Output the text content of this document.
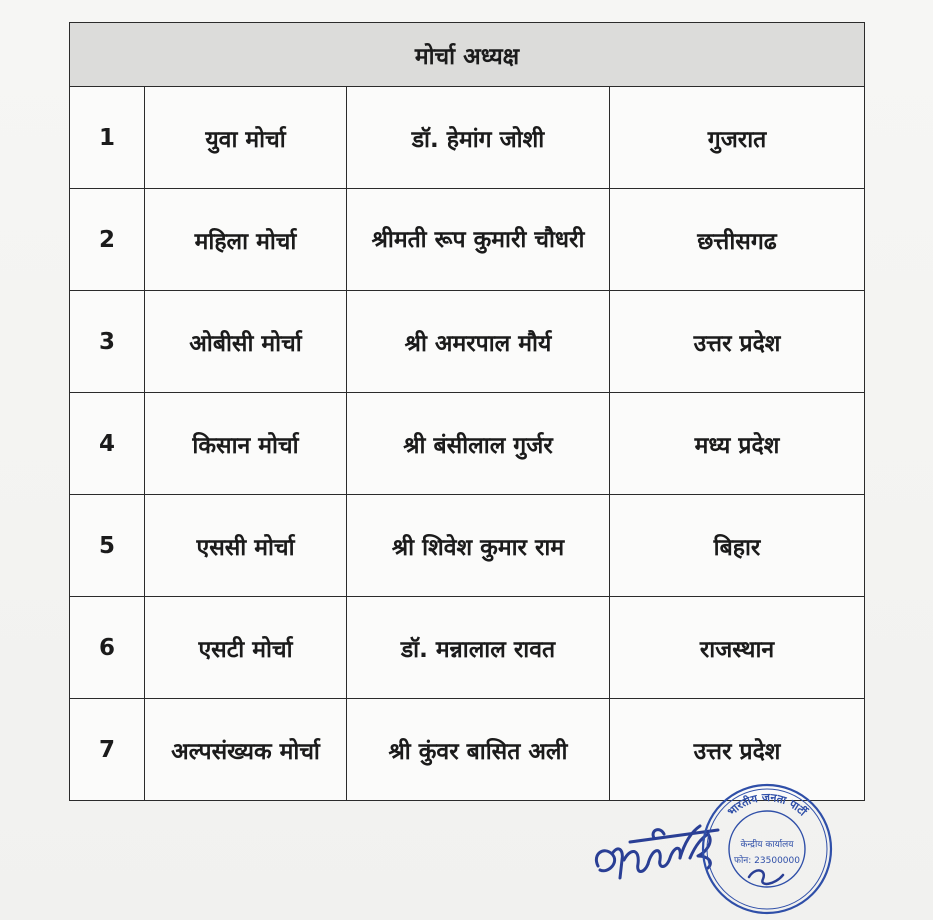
मोर्चा अध्यक्ष			
1	युवा मोर्चा	डॉ. हेमांग जोशी	गुजरात
2	महिला मोर्चा	श्रीमती रूप कुमारी चौधरी	छत्तीसगढ
3	ओबीसी मोर्चा	श्री अमरपाल मौर्य	उत्तर प्रदेश
4	किसान मोर्चा	श्री बंसीलाल गुर्जर	मध्य प्रदेश
5	एससी मोर्चा	श्री शिवेश कुमार राम	बिहार
6	एसटी मोर्चा	डॉ. मन्नालाल रावत	राजस्थान
7	अल्पसंख्यक मोर्चा	श्री कुंवर बासित अली	उत्तर प्रदेश
भारतीय जनता पार्टी
केन्द्रीय कार्यालय
फोन: 23500000
